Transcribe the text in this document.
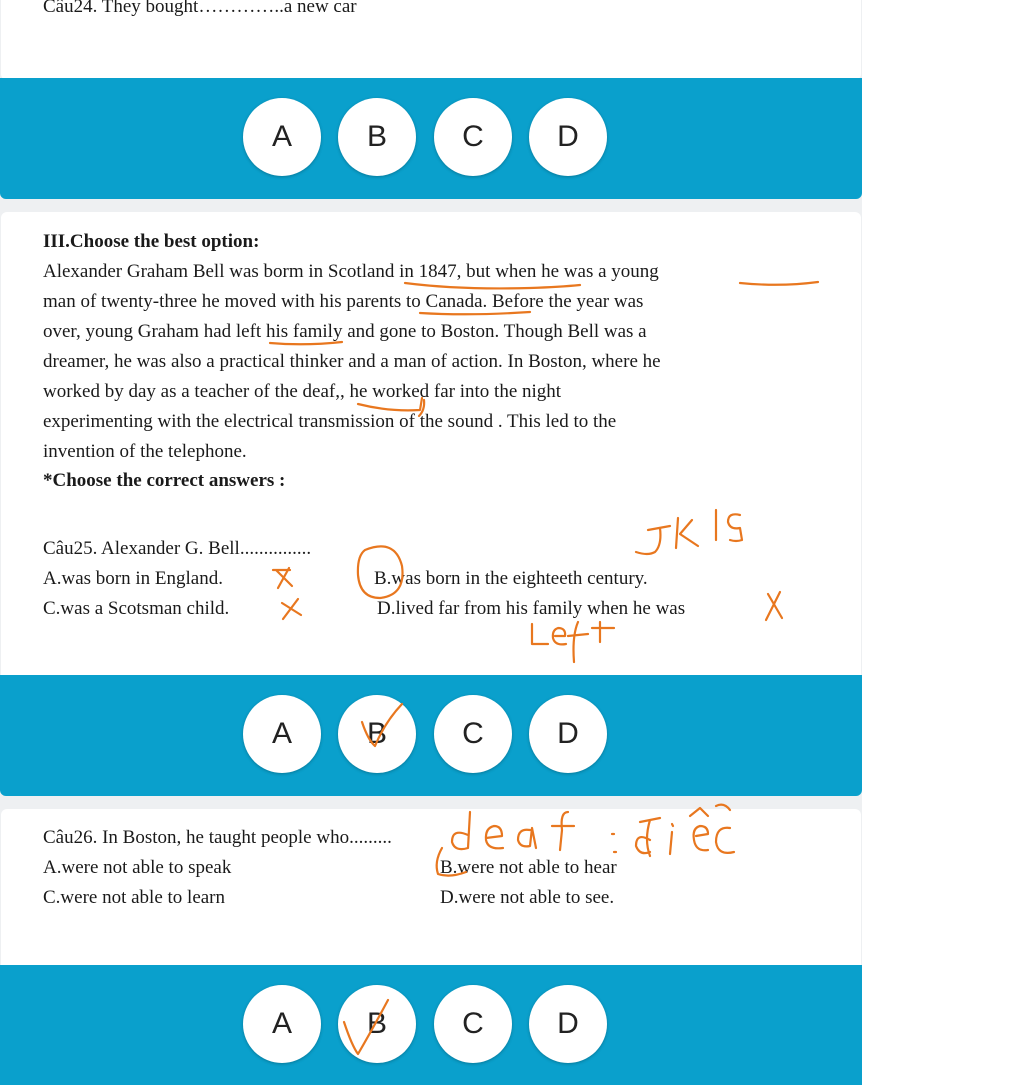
Câu24. They bought…………..a new car
A	B	C	D
III.Choose the best option:
Alexander Graham Bell was borm in Scotland in 1847, but when he was a young
man of twenty-three he moved with his parents to Canada. Before the year was
over, young Graham had left his family and gone to Boston. Though Bell was a
dreamer, he was also a practical thinker and a man of action. In Boston, where he
worked by day as a teacher of the deaf,, he worked far into the night
experimenting with the electrical transmission of the sound . This led to the
invention of the telephone.
*Choose the correct answers :
Câu25. Alexander G. Bell...............
A.was born in England.	B.was born in the eighteeth century.
C.was a Scotsman child.	D.lived far from his family when he was
A	B	C	D
Câu26. In Boston, he taught people who.........
A.were not able to speak	B.were not able to hear
C.were not able to learn	D.were not able to see.
A	B	C	D
